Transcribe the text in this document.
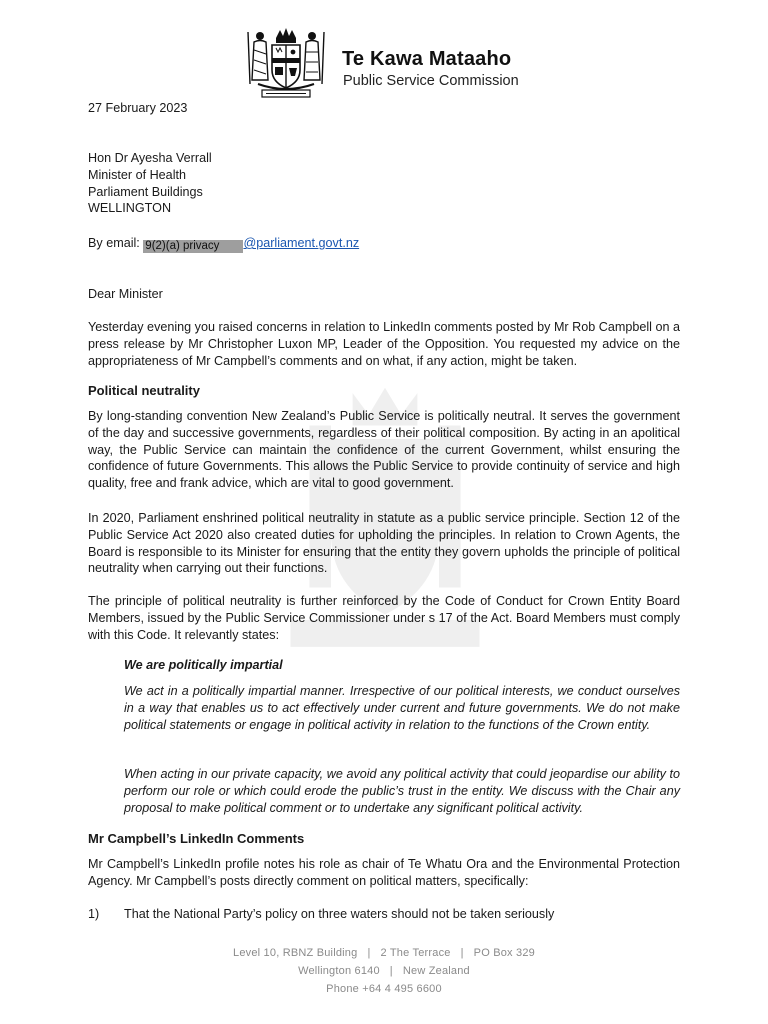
Te Kawa Mataaho
Public Service Commission
27 February 2023
Hon Dr Ayesha Verrall
Minister of Health
Parliament Buildings
WELLINGTON
By email: 9(2)(a) privacy @parliament.govt.nz
Dear Minister
Yesterday evening you raised concerns in relation to LinkedIn comments posted by Mr Rob Campbell on a press release by Mr Christopher Luxon MP, Leader of the Opposition. You requested my advice on the appropriateness of Mr Campbell’s comments and on what, if any action, might be taken.
Political neutrality
By long-standing convention New Zealand’s Public Service is politically neutral. It serves the government of the day and successive governments, regardless of their political composition. By acting in an apolitical way, the Public Service can maintain the confidence of the current Government, whilst ensuring the confidence of future Governments. This allows the Public Service to provide continuity of service and high quality, free and frank advice, which are vital to good government.
In 2020, Parliament enshrined political neutrality in statute as a public service principle. Section 12 of the Public Service Act 2020 also created duties for upholding the principles. In relation to Crown Agents, the Board is responsible to its Minister for ensuring that the entity they govern upholds the principle of political neutrality when carrying out their functions.
The principle of political neutrality is further reinforced by the Code of Conduct for Crown Entity Board Members, issued by the Public Service Commissioner under s 17 of the Act. Board Members must comply with this Code. It relevantly states:
We are politically impartial
We act in a politically impartial manner. Irrespective of our political interests, we conduct ourselves in a way that enables us to act effectively under current and future governments. We do not make political statements or engage in political activity in relation to the functions of the Crown entity.
When acting in our private capacity, we avoid any political activity that could jeopardise our ability to perform our role or which could erode the public’s trust in the entity. We discuss with the Chair any proposal to make political comment or to undertake any significant political activity.
Mr Campbell’s LinkedIn Comments
Mr Campbell’s LinkedIn profile notes his role as chair of Te Whatu Ora and the Environmental Protection Agency. Mr Campbell’s posts directly comment on political matters, specifically:
1) That the National Party’s policy on three waters should not be taken seriously
Level 10, RBNZ Building | 2 The Terrace | PO Box 329
Wellington 6140 | New Zealand
Phone +64 4 495 6600
